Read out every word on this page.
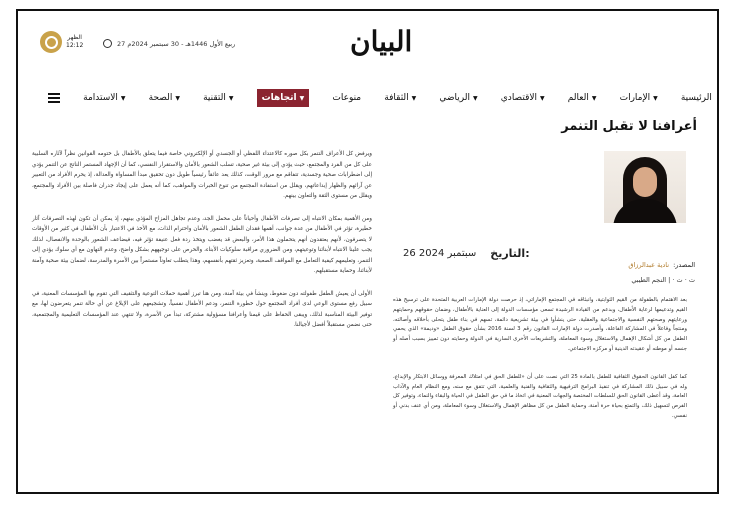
الظهر
12:12	27 ربيع الأول 1446هـ - 30 سبتمبر 2024م	البيان
الرئيسية
الإمارات ▼
العالم ▼
الاقتصادي ▼
الرياضي ▼
الثقافة ▼
منوعات
اتجاهات ▼
التقنية ▼
الصحة ▼
الاستدامة ▼
أعرافنا لا تقبل التنمر
التاريخ:
26 سبتمبر 2024
المصدر:
نادية عبدالرزاق
ت · ت · | النجم الطيبي

بعد الاهتمام بالطفولة من القيم الثوابتية، وانبثاقه في المجتمع الإماراتي، إذ حرصت دولة الإمارات العربية المتحدة على ترسيخ هذه القيم وتدعيمها لرعاية الأطفال، وبدعم من القيادة الرشيدة تسعى مؤسسات الدولة إلى العناية بالأطفال، وضمان حقوقهم وحمايتهم ورعايتهم وصحتهم النفسية والاجتماعية والعقلية، حتى ينشأوا في بيئة تشريعية دائمة، تسهم في بناء طفل يتحلى بأخلاقه وأصالته، ومنتجاً وفاعلاً في المشاركة الفاعلة، وأصدرت دولة الإمارات القانون رقم 3 لسنة 2016 بشأن حقوق الطفل «وديمة» الذي يحمي الطفل من كل أشكال الإهمال والاستغلال وسوء المعاملة، والتشريعات الأخرى السارية في الدولة وحمايته دون تمييز بسبب أصله أو جنسه أو موطنه أو عقيدته الدينية أو مركزه الاجتماعي.

كما كفل القانون الحقوق الثقافية للطفل بالمادة 25 التي نصت على أن «للطفل الحق في امتلاك المعرفة ووسائل الابتكار والإبداع، وله في سبيل ذلك المشاركة في تنفيذ البرامج الترفيهية والثقافية والفنية والعلمية، التي تتفق مع سنه، ومع النظام العام والآداب العامة، وقد أعطى القانون الحق للسلطات المختصة والجهات المعنية في اتخاذ ما في حق الطفل في الحياة والبقاء والنماء، وتوفير كل الفرص لتسهيل ذلك، والتمتع بحياة حرة آمنة، وحماية الطفل من كل مظاهر الإهمال والاستغلال وسوء المعاملة، ومن أي عنف بدني أو نفسي.

ويرفض كل الأعراف التنمر بكل صوره كالاعتداء اللفظي أو الجسدي أو الإلكتروني خاصة فيما يتعلق بالأطفال بل ختومه القوانين نظراً لآثاره السلبية على كل من الفرد والمجتمع، حيث يؤدي إلى بيئة غير صحية، تسلب الشعور بالأمان والاستقرار النفسي، كما أن الإجهاد المستمر الناتج عن التنمر يؤدي إلى اضطرابات صحية وجسدية، تتفاقم مع مرور الوقت، كذلك يعد عائقاً رئيسياً طويل دون تحقيق مبدأ المساواة والعدالة، إذ يحرم الأفراد من التعبير عن آرائهم والظهار إبداعاتهم، ويقلل من استفادة المجتمع من تنوع الخبرات والمواهب، كما أنه يعمل على إيجاد جدران فاصلة بين الأفراد والمجتمع، ويقلل من مستوى الثقة والتعاون بينهم.

ومن الأهمية بمكان الانتباه إلى تصرفات الأطفال وأحياناً على محمل الجد، وعدم تجاهل المزاح المؤذي بينهم، إذ يمكن أن تكون لهذه التصرفات آثار خطيرة، تؤثر في الأطفال من عدة جوانب، أهمها فقدان الطفل الشعور بالأمان واحترام الذات، مع الأخذ في الاعتبار بأن الأطفال في كثير من الأوقات لا يتصرفون، لأنهم يعتقدون أنهم يتحملون هذا الأمر، والبعض قد يغضب ويتخذ ردة فعل عنيفة تؤثر فيه، فيضاعف الشعور بالوحدة والانفصال، لذلك يجب علينا الانتباه لأبنائنا وتوعيتهم، ومن الضروري مراقبة سلوكيات الأبناء، والحرص على توجيههم بشكل واضح، وعدم التهاون مع أي سلوك يؤدي إلى التنمر، وتعليمهم كيفية التعامل مع المواقف الصعبة، وتعزيز ثقتهم بأنفسهم، وهذا يتطلب تعاوناً مستمراً بين الأسرة والمدرسة، لضمان بيئة صحية وآمنة لأبنائنا، وحماية مستقبلهم.

الأولى أن يعيش الطفل طفولته دون ضغوط، وينشأ في بيئة آمنة، ومن هنا تبرز أهمية حملات التوعية والتثقيف التي تقوم بها المؤسسات المعنية، في سبيل رفع مستوى الوعي لدى أفراد المجتمع حول خطورة التنمر، ودعم الأطفال نفسياً، وتشجيعهم على الإبلاغ عن أي حالة تنمر يتعرضون لها، مع توفير البيئة المناسبة لذلك، ويبقى الحفاظ على قيمنا وأعرافنا مسؤولية مشتركة، تبدأ من الأسرة، ولا تنتهي عند المؤسسات التعليمية والمجتمعية، حتى نضمن مستقبلاً أفضل لأجيالنا.
